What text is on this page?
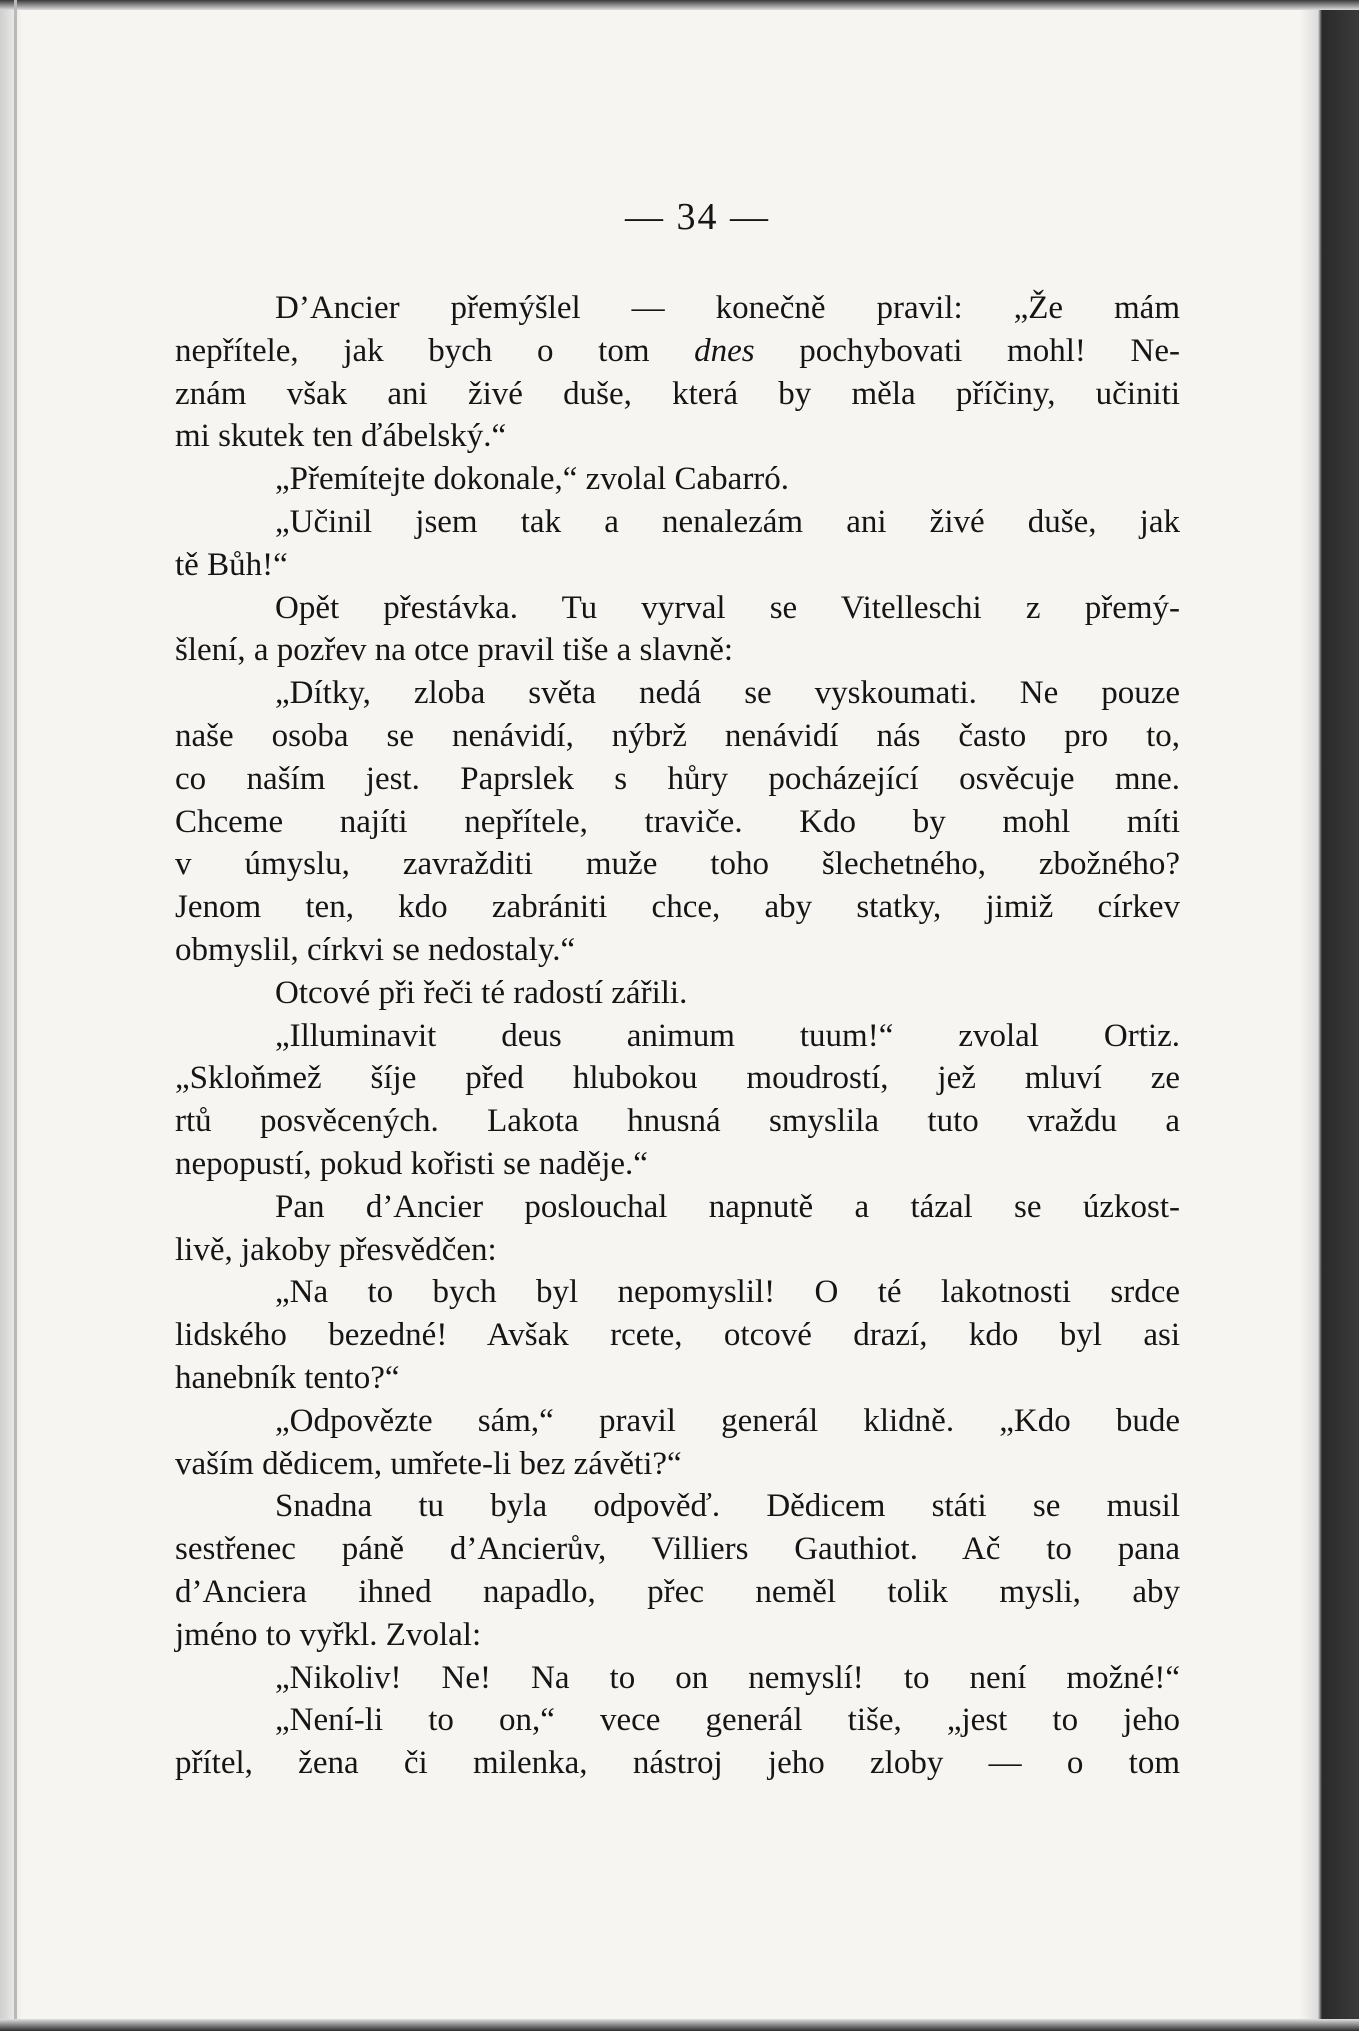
— 34 —
D’Ancier přemýšlel — konečně pravil: „Že mám
nepřítele, jak bych o tom dnes pochybovati mohl! Ne-
znám však ani živé duše, která by měla příčiny, učiniti
mi skutek ten ďábelský.“
„Přemítejte dokonale,“ zvolal Cabarró.
„Učinil jsem tak a nenalezám ani živé duše, jak
tě Bůh!“
Opět přestávka. Tu vyrval se Vitelleschi z přemý-
šlení, a pozřev na otce pravil tiše a slavně:
„Dítky, zloba světa nedá se vyskoumati. Ne pouze
naše osoba se nenávidí, nýbrž nenávidí nás často pro to,
co naším jest. Paprslek s hůry pocházející osvěcuje mne.
Chceme najíti nepřítele, traviče. Kdo by mohl míti
v úmyslu, zavražditi muže toho šlechetného, zbožného?
Jenom ten, kdo zabrániti chce, aby statky, jimiž církev
obmyslil, církvi se nedostaly.“
Otcové při řeči té radostí zářili.
„Illuminavit deus animum tuum!“ zvolal Ortiz.
„Skloňmež šíje před hlubokou moudrostí, jež mluví ze
rtů posvěcených. Lakota hnusná smyslila tuto vraždu a
nepopustí, pokud kořisti se naděje.“
Pan d’Ancier poslouchal napnutě a tázal se úzkost-
livě, jakoby přesvědčen:
„Na to bych byl nepomyslil! O té lakotnosti srdce
lidského bezedné! Avšak rcete, otcové drazí, kdo byl asi
hanebník tento?“
„Odpovězte sám,“ pravil generál klidně. „Kdo bude
vaším dědicem, umřete-li bez závěti?“
Snadna tu byla odpověď. Dědicem státi se musil
sestřenec páně d’Ancierův, Villiers Gauthiot. Ač to pana
d’Anciera ihned napadlo, přec neměl tolik mysli, aby
jméno to vyřkl. Zvolal:
„Nikoliv! Ne! Na to on nemyslí! to není možné!“
„Není-li to on,“ vece generál tiše, „jest to jeho
přítel, žena či milenka, nástroj jeho zloby — o tom
